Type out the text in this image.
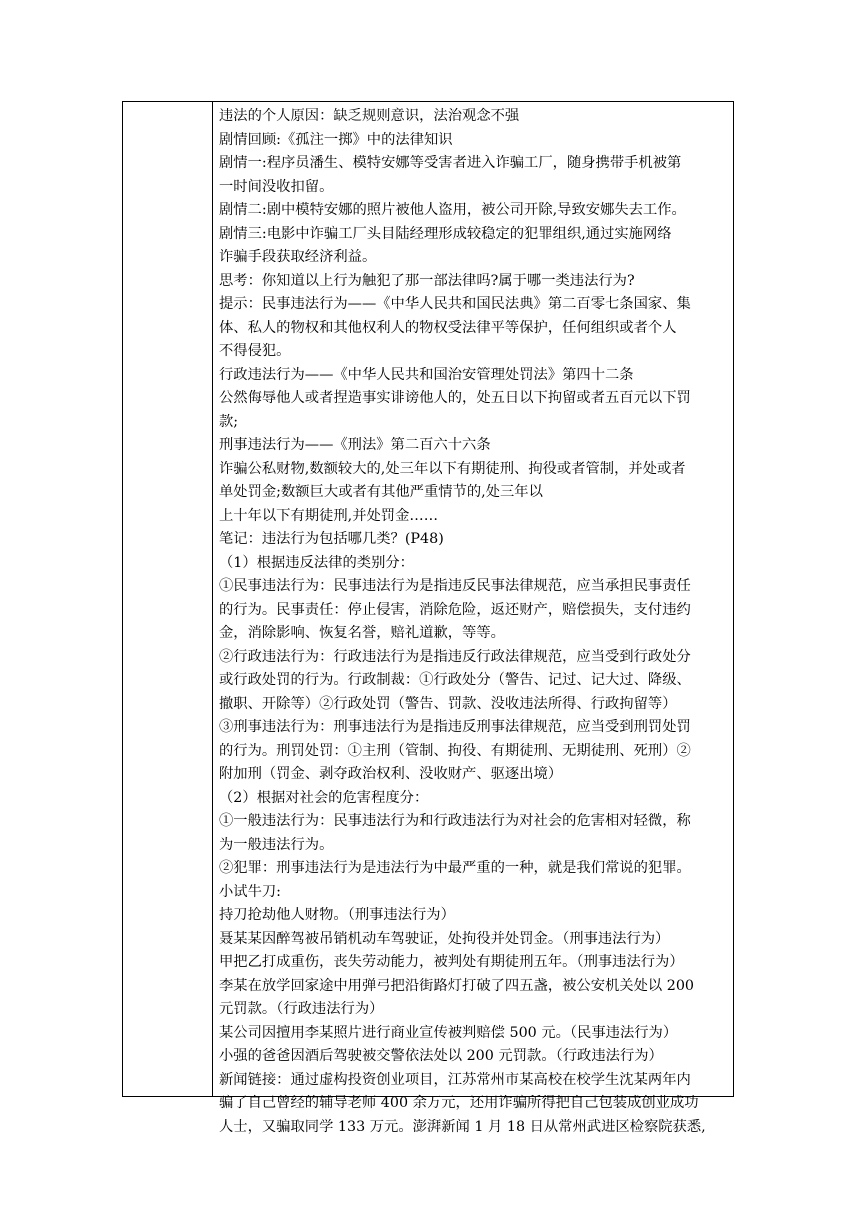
违法的个人原因：缺乏规则意识，法治观念不强
剧情回顾:《孤注一掷》中的法律知识
剧情一:程序员潘生、模特安娜等受害者进入诈骗工厂，随身携带手机被第
一时间没收扣留。
剧情二:剧中模特安娜的照片被他人盗用，被公司开除,导致安娜失去工作。
剧情三:电影中诈骗工厂头目陆经理形成较稳定的犯罪组织,通过实施网络
诈骗手段获取经济利益。
思考：你知道以上行为触犯了那一部法律吗?属于哪一类违法行为?
提示：民事违法行为——《中华人民共和国民法典》第二百零七条国家、集
体、私人的物权和其他权利人的物权受法律平等保护，任何组织或者个人
不得侵犯。
行政违法行为——《中华人民共和国治安管理处罚法》第四十二条
公然侮辱他人或者捏造事实诽谤他人的，处五日以下拘留或者五百元以下罚
款;
刑事违法行为——《刑法》第二百六十六条
诈骗公私财物,数额较大的,处三年以下有期徒刑、拘役或者管制，并处或者
单处罚金;数额巨大或者有其他严重情节的,处三年以
上十年以下有期徒刑,并处罚金……
笔记：违法行为包括哪几类？(P48)
（1）根据违反法律的类别分：
①民事违法行为：民事违法行为是指违反民事法律规范，应当承担民事责任
的行为。民事责任：停止侵害，消除危险，返还财产，赔偿损失，支付违约
金，消除影响、恢复名誉，赔礼道歉，等等。
②行政违法行为：行政违法行为是指违反行政法律规范，应当受到行政处分
或行政处罚的行为。行政制裁：①行政处分（警告、记过、记大过、降级、
撤职、开除等）②行政处罚（警告、罚款、没收违法所得、行政拘留等）
③刑事违法行为：刑事违法行为是指违反刑事法律规范，应当受到刑罚处罚
的行为。刑罚处罚：①主刑（管制、拘役、有期徒刑、无期徒刑、死刑）②
附加刑（罚金、剥夺政治权利、没收财产、驱逐出境）
（2）根据对社会的危害程度分：
①一般违法行为：民事违法行为和行政违法行为对社会的危害相对轻微，称
为一般违法行为。
②犯罪：刑事违法行为是违法行为中最严重的一种，就是我们常说的犯罪。
小试牛刀:
持刀抢劫他人财物。（刑事违法行为）
聂某某因醉驾被吊销机动车驾驶证，处拘役并处罚金。（刑事违法行为）
甲把乙打成重伤，丧失劳动能力，被判处有期徒刑五年。（刑事违法行为）
李某在放学回家途中用弹弓把沿街路灯打破了四五盏，被公安机关处以 200
元罚款。（行政违法行为）
某公司因擅用李某照片进行商业宣传被判赔偿 500 元。（民事违法行为）
小强的爸爸因酒后驾驶被交警依法处以 200 元罚款。（行政违法行为）
新闻链接：通过虚构投资创业项目，江苏常州市某高校在校学生沈某两年内
骗了自己曾经的辅导老师 400 余万元，还用诈骗所得把自己包装成创业成功
人士，又骗取同学 133 万元。澎湃新闻 1 月 18 日从常州武进区检察院获悉,
